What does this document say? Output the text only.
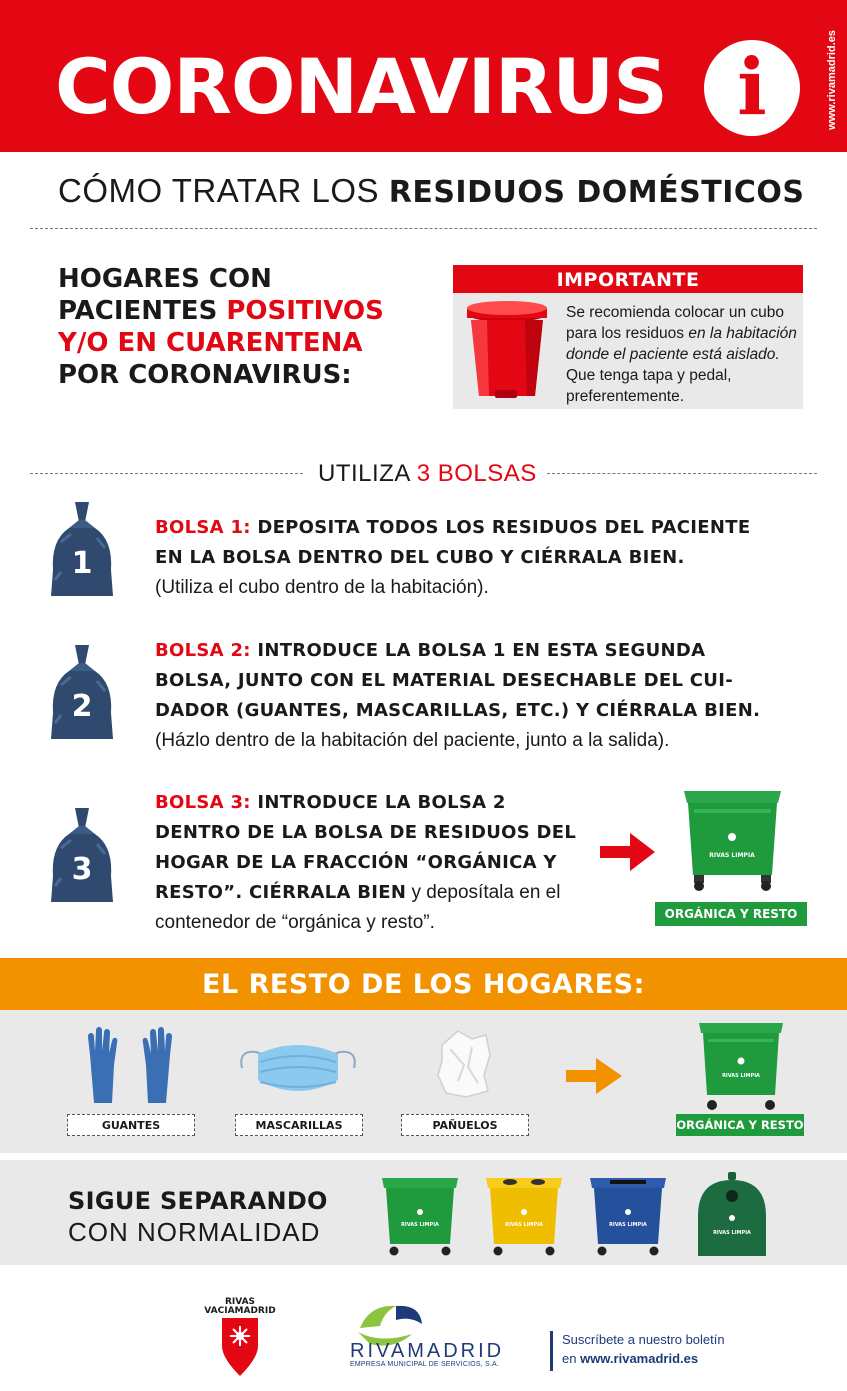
CORONAVIRUS i	www.rivamadrid.es
CÓMO TRATAR LOS RESIDUOS DOMÉSTICOS
HOGARES CON
PACIENTES POSITIVOS
Y/O EN CUARENTENA
POR CORONAVIRUS:
IMPORTANTE
Se recomienda colocar un cubo para los residuos en la habitación donde el paciente está aislado. Que tenga tapa y pedal, preferentemente.
UTILIZA 3 BOLSAS
1
BOLSA 1: DEPOSITA TODOS LOS RESIDUOS DEL PACIENTE EN LA BOLSA DENTRO DEL CUBO Y CIÉRRALA BIEN.
(Utiliza el cubo dentro de la habitación).
2
BOLSA 2: INTRODUCE LA BOLSA 1 EN ESTA SEGUNDA BOLSA, JUNTO CON EL MATERIAL DESECHABLE DEL CUI-DADOR (GUANTES, MASCARILLAS, ETC.) Y CIÉRRALA BIEN.
(Házlo dentro de la habitación del paciente, junto a la salida).
3
BOLSA 3: INTRODUCE LA BOLSA 2 DENTRO DE LA BOLSA DE RESIDUOS DEL HOGAR DE LA FRACCIÓN “ORGÁNICA Y RESTO”. CIÉRRALA BIEN y deposítala en el contenedor de “orgánica y resto”.
RIVAS LIMPIA
ORGÁNICA Y RESTO
EL RESTO DE LOS HOGARES:
GUANTES	MASCARILLAS	PAÑUELOS
RIVAS LIMPIA
ORGÁNICA Y RESTO
SIGUE SEPARANDO
CON NORMALIDAD	RIVAS LIMPIA	RIVAS LIMPIA	RIVAS LIMPIA
RIVAS LIMPIA
RIVAS
VACIAMADRID
RIVAMADRID
EMPRESA MUNICIPAL DE SERVICIOS, S.A.
Suscríbete a nuestro boletín
en www.rivamadrid.es
